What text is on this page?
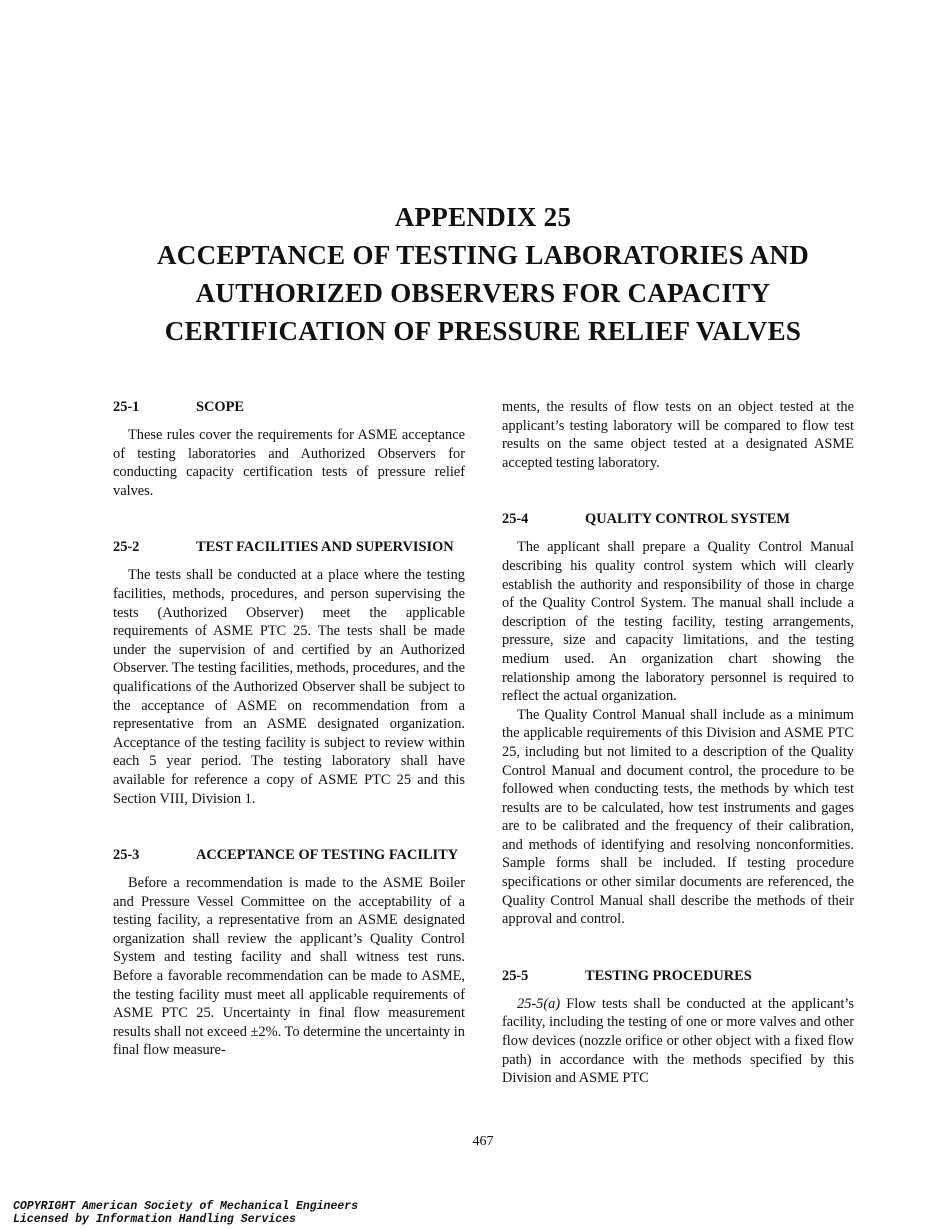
APPENDIX 25
ACCEPTANCE OF TESTING LABORATORIES AND
AUTHORIZED OBSERVERS FOR CAPACITY
CERTIFICATION OF PRESSURE RELIEF VALVES
25-1	SCOPE

These rules cover the requirements for ASME acceptance of testing laboratories and Authorized Observers for conducting capacity certification tests of pressure relief valves.

25-2	TEST FACILITIES AND SUPERVISION

The tests shall be conducted at a place where the testing facilities, methods, procedures, and person supervising the tests (Authorized Observer) meet the applicable requirements of ASME PTC 25. The tests shall be made under the supervision of and certified by an Authorized Observer. The testing facilities, methods, procedures, and the qualifications of the Authorized Observer shall be subject to the acceptance of ASME on recommendation from a representative from an ASME designated organization. Acceptance of the testing facility is subject to review within each 5 year period. The testing laboratory shall have available for reference a copy of ASME PTC 25 and this Section VIII, Division 1.

25-3	ACCEPTANCE OF TESTING FACILITY

Before a recommendation is made to the ASME Boiler and Pressure Vessel Committee on the acceptability of a testing facility, a representative from an ASME designated organization shall review the applicant’s Quality Control System and testing facility and shall witness test runs. Before a favorable recommendation can be made to ASME, the testing facility must meet all applicable requirements of ASME PTC 25. Uncertainty in final flow measurement results shall not exceed ±2%. To determine the uncertainty in final flow measure-

ments, the results of flow tests on an object tested at the applicant’s testing laboratory will be compared to flow test results on the same object tested at a designated ASME accepted testing laboratory.

25-4	QUALITY CONTROL SYSTEM

The applicant shall prepare a Quality Control Manual describing his quality control system which will clearly establish the authority and responsibility of those in charge of the Quality Control System. The manual shall include a description of the testing facility, testing arrangements, pressure, size and capacity limitations, and the testing medium used. An organization chart showing the relationship among the laboratory personnel is required to reflect the actual organization.

The Quality Control Manual shall include as a minimum the applicable requirements of this Division and ASME PTC 25, including but not limited to a description of the Quality Control Manual and document control, the procedure to be followed when conducting tests, the methods by which test results are to be calculated, how test instruments and gages are to be calibrated and the frequency of their calibration, and methods of identifying and resolving nonconformities. Sample forms shall be included. If testing procedure specifications or other similar documents are referenced, the Quality Control Manual shall describe the methods of their approval and control.

25-5	TESTING PROCEDURES

25-5(a) Flow tests shall be conducted at the applicant’s facility, including the testing of one or more valves and other flow devices (nozzle orifice or other object with a fixed flow path) in accordance with the methods specified by this Division and ASME PTC

467
COPYRIGHT American Society of Mechanical Engineers
Licensed by Information Handling Services
